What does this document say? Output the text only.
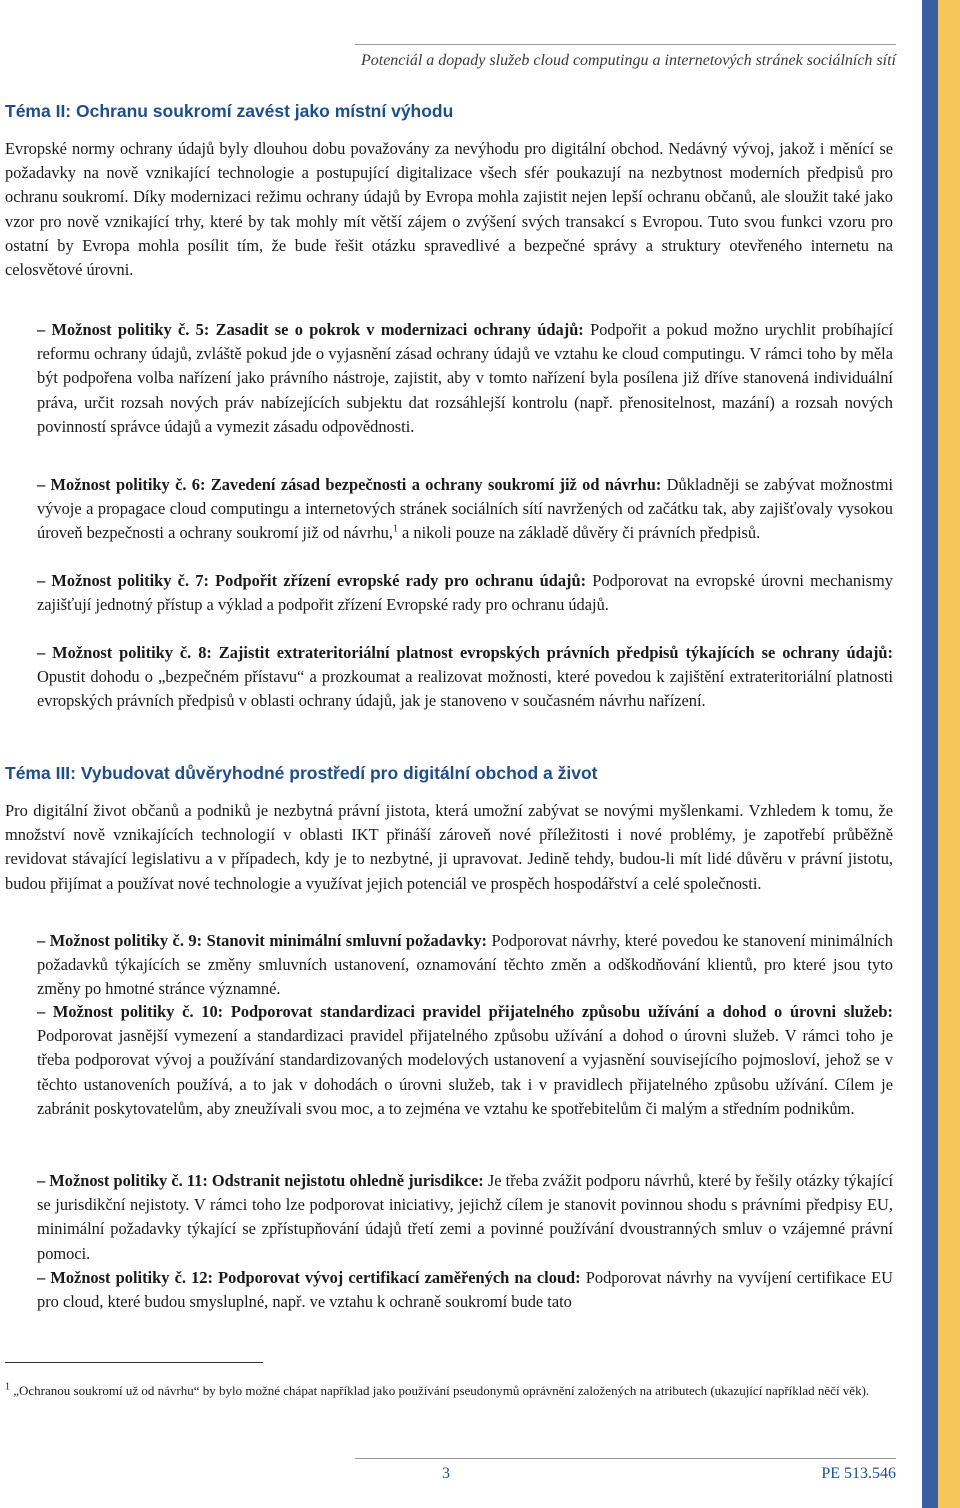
Potenciál a dopady služeb cloud computingu a internetových stránek sociálních sítí
Téma II: Ochranu soukromí zavést jako místní výhodu

Evropské normy ochrany údajů byly dlouhou dobu považovány za nevýhodu pro digitální obchod. Nedávný vývoj, jakož i měnící se požadavky na nově vznikající technologie a postupující digitalizace všech sfér poukazují na nezbytnost moderních předpisů pro ochranu soukromí. Díky modernizaci režimu ochrany údajů by Evropa mohla zajistit nejen lepší ochranu občanů, ale sloužit také jako vzor pro nově vznikající trhy, které by tak mohly mít větší zájem o zvýšení svých transakcí s Evropou. Tuto svou funkci vzoru pro ostatní by Evropa mohla posílit tím, že bude řešit otázku spravedlivé a bezpečné správy a struktury otevřeného internetu na celosvětové úrovni.

– Možnost politiky č. 5: Zasadit se o pokrok v modernizaci ochrany údajů: Podpořit a pokud možno urychlit probíhající reformu ochrany údajů, zvláště pokud jde o vyjasnění zásad ochrany údajů ve vztahu ke cloud computingu. V rámci toho by měla být podpořena volba nařízení jako právního nástroje, zajistit, aby v tomto nařízení byla posílena již dříve stanovená individuální práva, určit rozsah nových práv nabízejících subjektu dat rozsáhlejší kontrolu (např. přenositelnost, mazání) a rozsah nových povinností správce údajů a vymezit zásadu odpovědnosti.

– Možnost politiky č. 6: Zavedení zásad bezpečnosti a ochrany soukromí již od návrhu: Důkladněji se zabývat možnostmi vývoje a propagace cloud computingu a internetových stránek sociálních sítí navržených od začátku tak, aby zajišťovaly vysokou úroveň bezpečnosti a ochrany soukromí již od návrhu,$^1$ a nikoli pouze na základě důvěry či právních předpisů.

– Možnost politiky č. 7: Podpořit zřízení evropské rady pro ochranu údajů: Podporovat na evropské úrovni mechanismy zajišťují jednotný přístup a výklad a podpořit zřízení Evropské rady pro ochranu údajů.

– Možnost politiky č. 8: Zajistit extrateritoriální platnost evropských právních předpisů týkajících se ochrany údajů: Opustit dohodu o „bezpečném přístavu“ a prozkoumat a realizovat možnosti, které povedou k zajištění extrateritoriální platnosti evropských právních předpisů v oblasti ochrany údajů, jak je stanoveno v současném návrhu nařízení.

Téma III: Vybudovat důvěryhodné prostředí pro digitální obchod a život

Pro digitální život občanů a podniků je nezbytná právní jistota, která umožní zabývat se novými myšlenkami. Vzhledem k tomu, že množství nově vznikajících technologií v oblasti IKT přináší zároveň nové příležitosti i nové problémy, je zapotřebí průběžně revidovat stávající legislativu a v případech, kdy je to nezbytné, ji upravovat. Jedině tehdy, budou-li mít lidé důvěru v právní jistotu, budou přijímat a používat nové technologie a využívat jejich potenciál ve prospěch hospodářství a celé společnosti.

– Možnost politiky č. 9: Stanovit minimální smluvní požadavky: Podporovat návrhy, které povedou ke stanovení minimálních požadavků týkajících se změny smluvních ustanovení, oznamování těchto změn a odškodňování klientů, pro které jsou tyto změny po hmotné stránce významné.

– Možnost politiky č. 10: Podporovat standardizaci pravidel přijatelného způsobu užívání a dohod o úrovni služeb: Podporovat jasnější vymezení a standardizaci pravidel přijatelného způsobu užívání a dohod o úrovni služeb. V rámci toho je třeba podporovat vývoj a používání standardizovaných modelových ustanovení a vyjasnění souvisejícího pojmosloví, jehož se v těchto ustanoveních používá, a to jak v dohodách o úrovni služeb, tak i v pravidlech přijatelného způsobu užívání. Cílem je zabránit poskytovatelům, aby zneužívali svou moc, a to zejména ve vztahu ke spotřebitelům či malým a středním podnikům.

– Možnost politiky č. 11: Odstranit nejistotu ohledně jurisdikce: Je třeba zvážit podporu návrhů, které by řešily otázky týkající se jurisdikční nejistoty. V rámci toho lze podporovat iniciativy, jejichž cílem je stanovit povinnou shodu s právními předpisy EU, minimální požadavky týkající se zpřístupňování údajů třetí zemi a povinné používání dvoustranných smluv o vzájemné právní pomoci.

– Možnost politiky č. 12: Podporovat vývoj certifikací zaměřených na cloud: Podporovat návrhy na vyvíjení certifikace EU pro cloud, které budou smysluplné, např. ve vztahu k ochraně soukromí bude tato

$^1$ „Ochranou soukromí už od návrhu“ by bylo možné chápat například jako používání pseudonymů oprávnění založených na atributech (ukazující například něčí věk).

3	PE 513.546
